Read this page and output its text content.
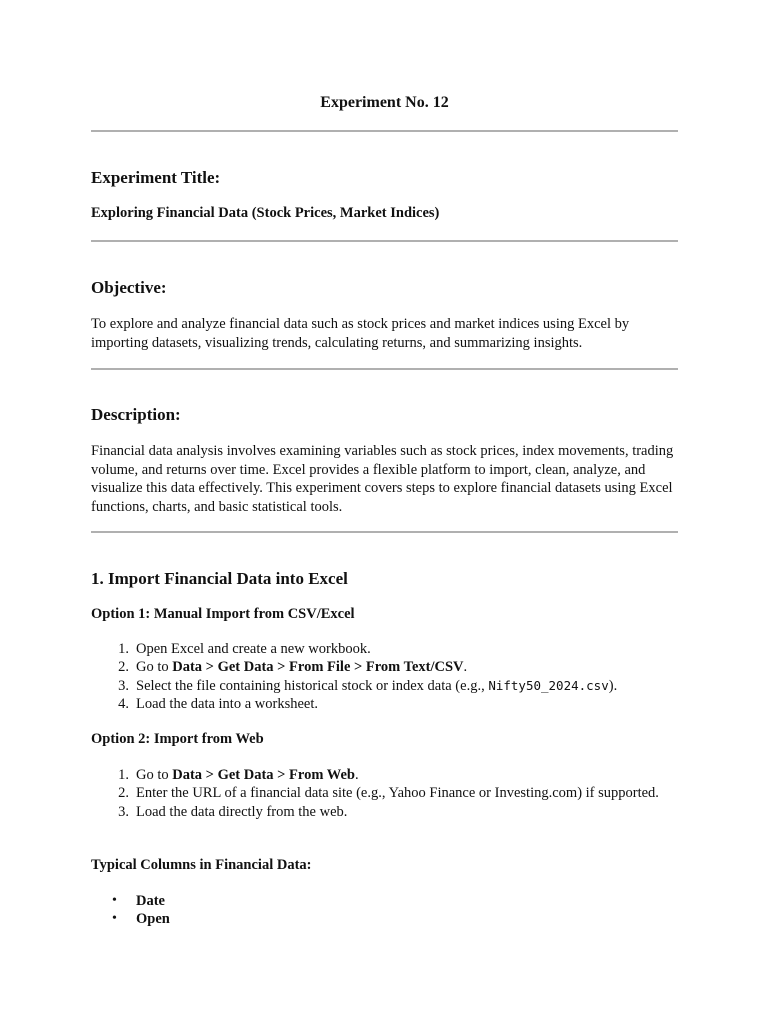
Experiment No. 12
Experiment Title:
Exploring Financial Data (Stock Prices, Market Indices)
Objective:

To explore and analyze financial data such as stock prices and market indices using Excel by importing datasets, visualizing trends, calculating returns, and summarizing insights.

Description:

Financial data analysis involves examining variables such as stock prices, index movements, trading volume, and returns over time. Excel provides a flexible platform to import, clean, analyze, and visualize this data effectively. This experiment covers steps to explore financial datasets using Excel functions, charts, and basic statistical tools.

1. Import Financial Data into Excel
Option 1: Manual Import from CSV/Excel
1. Open Excel and create a new workbook.
2. Go to Data > Get Data > From File > From Text/CSV.
3. Select the file containing historical stock or index data (e.g., Nifty50_2024.csv).
4. Load the data into a worksheet.
Option 2: Import from Web
1. Go to Data > Get Data > From Web.
2. Enter the URL of a financial data site (e.g., Yahoo Finance or Investing.com) if supported.
3. Load the data directly from the web.
Typical Columns in Financial Data:
• Date
• Open
